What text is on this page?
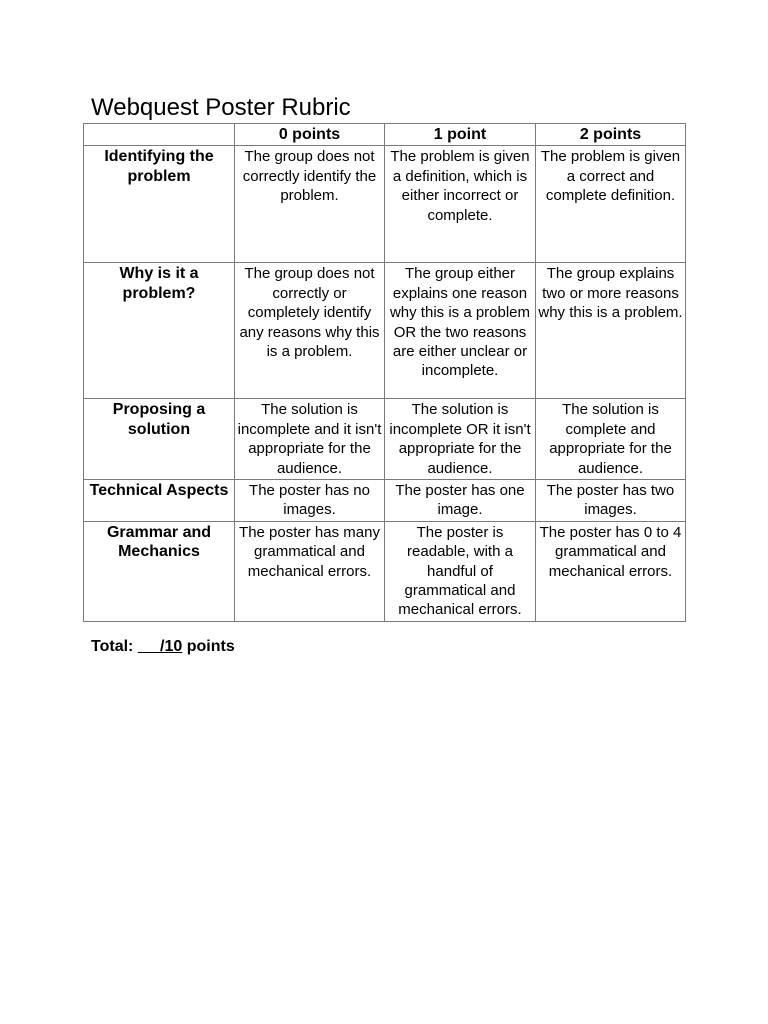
Webquest Poster Rubric
	0 points	1 point	2 points
Identifying the problem	The group does not correctly identify the problem.	The problem is given a definition, which is either incorrect or complete.	The problem is given a correct and complete definition.
Why is it a problem?	The group does not correctly or completely identify any reasons why this is a problem.	The group either explains one reason why this is a problem OR the two reasons are either unclear or incomplete.	The group explains two or more reasons why this is a problem.
Proposing a solution	The solution is incomplete and it isn't appropriate for the audience.	The solution is incomplete OR it isn't appropriate for the audience.	The solution is complete and appropriate for the audience.
Technical Aspects	The poster has no images.	The poster has one image.	The poster has two images.
Grammar and Mechanics	The poster has many grammatical and mechanical errors.	The poster is readable, with a handful of grammatical and mechanical errors.	The poster has 0 to 4 grammatical and mechanical errors.
Total:      /10 points
